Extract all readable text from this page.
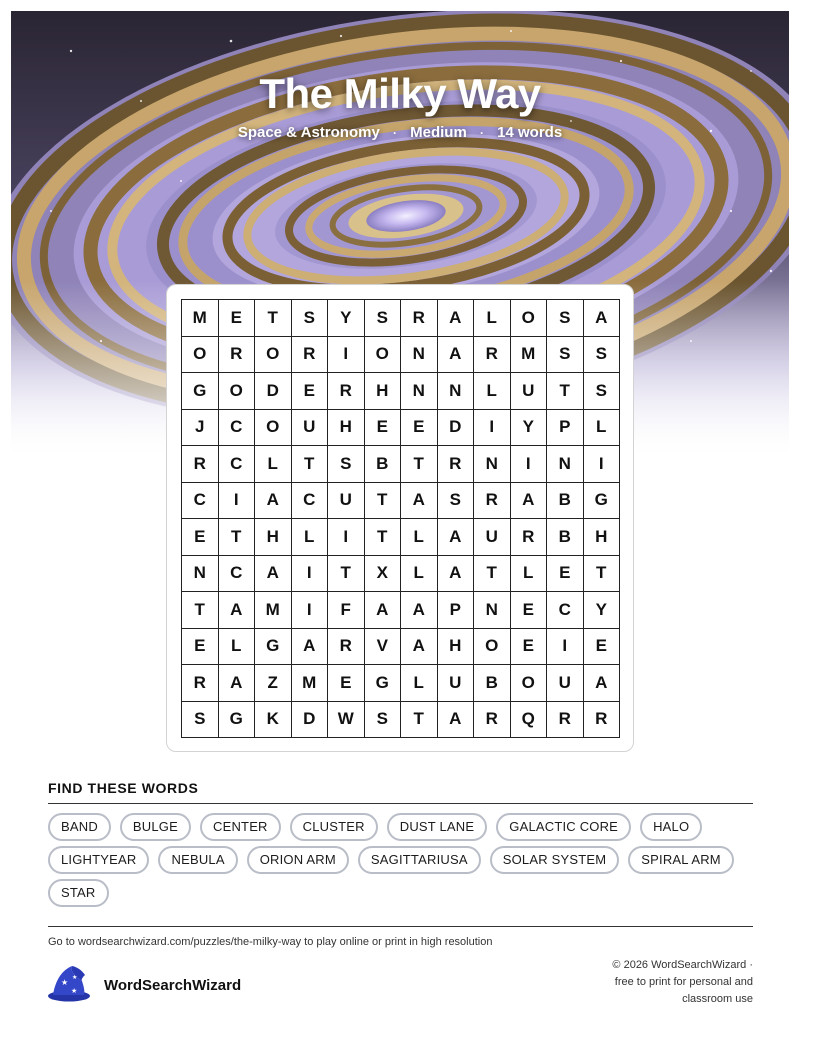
The Milky Way
Space & Astronomy · Medium · 14 words
M	E	T	S	Y	S	R	A	L	O	S	A
O	R	O	R	I	O	N	A	R	M	S	S
G	O	D	E	R	H	N	N	L	U	T	S
J	C	O	U	H	E	E	D	I	Y	P	L
R	C	L	T	S	B	T	R	N	I	N	I
C	I	A	C	U	T	A	S	R	A	B	G
E	T	H	L	I	T	L	A	U	R	B	H
N	C	A	I	T	X	L	A	T	L	E	T
T	A	M	I	F	A	A	P	N	E	C	Y
E	L	G	A	R	V	A	H	O	E	I	E
R	A	Z	M	E	G	L	U	B	O	U	A
S	G	K	D	W	S	T	A	R	Q	R	R
FIND THESE WORDS
BAND	BULGE	CENTER	CLUSTER	DUST LANE	GALACTIC CORE	HALO
LIGHTYEAR	NEBULA	ORION ARM	SAGITTARIUSA	SOLAR SYSTEM	SPIRAL ARM
STAR
Go to wordsearchwizard.com/puzzles/the-milky-way to play online or print in high resolution
★
★
★ WordSearchWizard
© 2026 WordSearchWizard ·
free to print for personal and
classroom use
